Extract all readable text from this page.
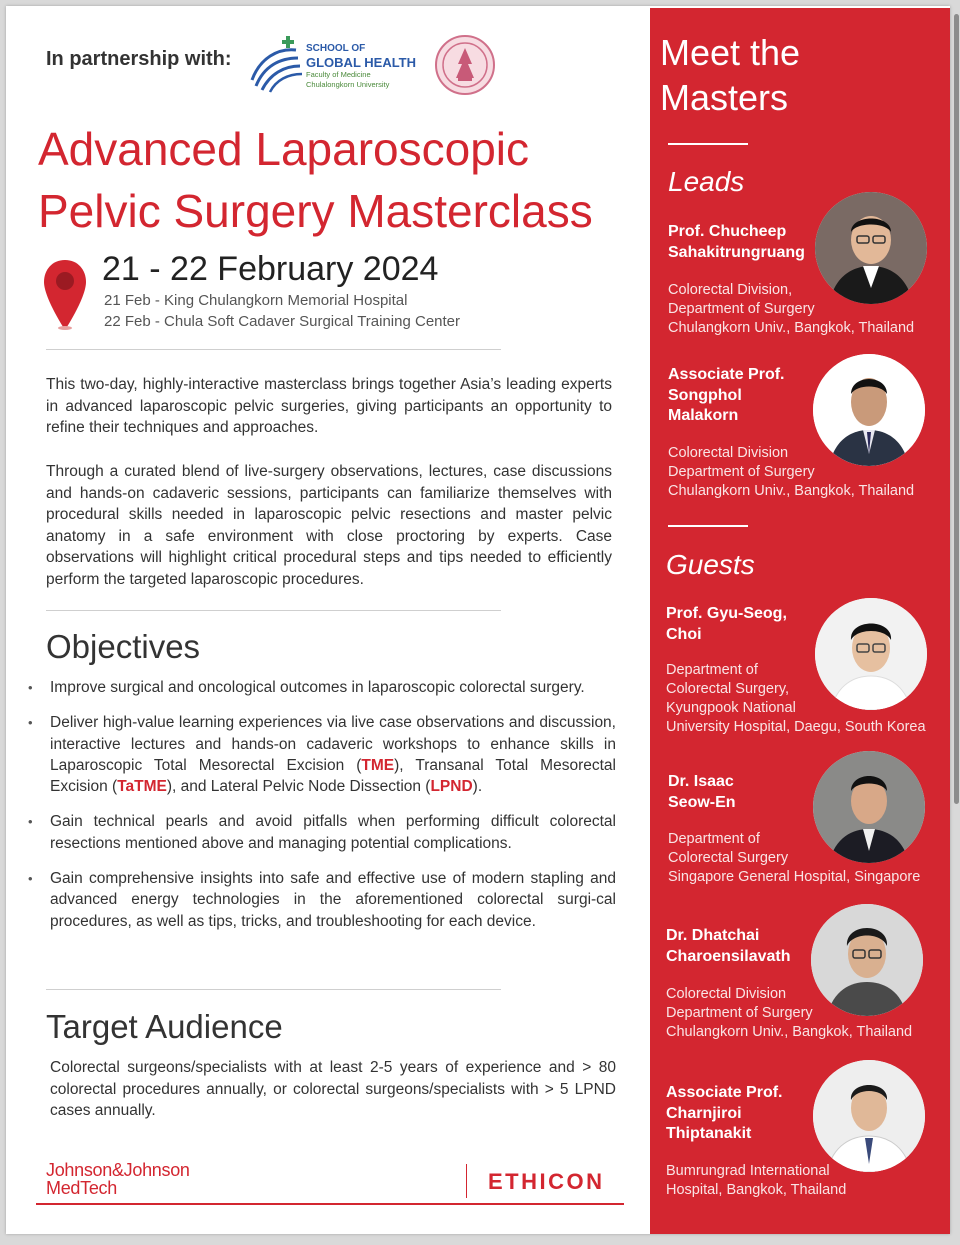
In partnership with:	SCHOOL OF
GLOBAL HEALTH
Faculty of Medicine
Chulalongkorn University
Advanced Laparoscopic
Pelvic Surgery Masterclass
21 - 22 February 2024
21 Feb - King Chulangkorn Memorial Hospital
22 Feb - Chula Soft Cadaver Surgical Training Center

This two-day, highly-interactive masterclass brings together Asia’s leading experts in advanced laparoscopic pelvic surgeries, giving participants an opportunity to refine their techniques and approaches.

Through a curated blend of live-surgery observations, lectures, case discussions and hands-on cadaveric sessions, participants can familiarize themselves with procedural skills needed in laparoscopic pelvic resections and master pelvic anatomy in a safe environment with close proctoring by experts. Case observations will highlight critical procedural steps and tips needed to efficiently perform the targeted laparoscopic procedures.

Objectives
• Improve surgical and oncological outcomes in laparoscopic colorectal surgery.
• Deliver high-value learning experiences via live case observations and discussion, interactive lectures and hands-on cadaveric workshops to enhance skills in Laparoscopic Total Mesorectal Excision (TME), Transanal Total Mesorectal Excision (TaTME), and Lateral Pelvic Node Dissection (LPND).
• Gain technical pearls and avoid pitfalls when performing difficult colorectal resections mentioned above and managing potential complications.
• Gain comprehensive insights into safe and effective use of modern stapling and advanced energy technologies in the aforementioned colorectal surgi-cal procedures, as well as tips, tricks, and troubleshooting for each device.
Target Audience

Colorectal surgeons/specialists with at least 2-5 years of experience and > 80 colorectal procedures annually, or colorectal surgeons/specialists with > 5 LPND cases annually.

Johnson&Johnson
MedTech	ETHICON
Meet the
Masters
Leads
Prof. Chucheep
Sahakitrungruang
Colorectal Division,
Department of Surgery
Chulangkorn Univ., Bangkok, Thailand
Associate Prof.
Songphol
Malakorn
Colorectal Division
Department of Surgery
Chulangkorn Univ., Bangkok, Thailand
Guests
Prof. Gyu-Seog,
Choi
Department of
Colorectal Surgery,
Kyungpook National
University Hospital, Daegu, South Korea
Dr. Isaac
Seow-En
Department of
Colorectal Surgery
Singapore General Hospital, Singapore
Dr. Dhatchai
Charoensilavath
Colorectal Division
Department of Surgery
Chulangkorn Univ., Bangkok, Thailand
Associate Prof.
Charnjiroi
Thiptanakit
Bumrungrad International
Hospital, Bangkok, Thailand
